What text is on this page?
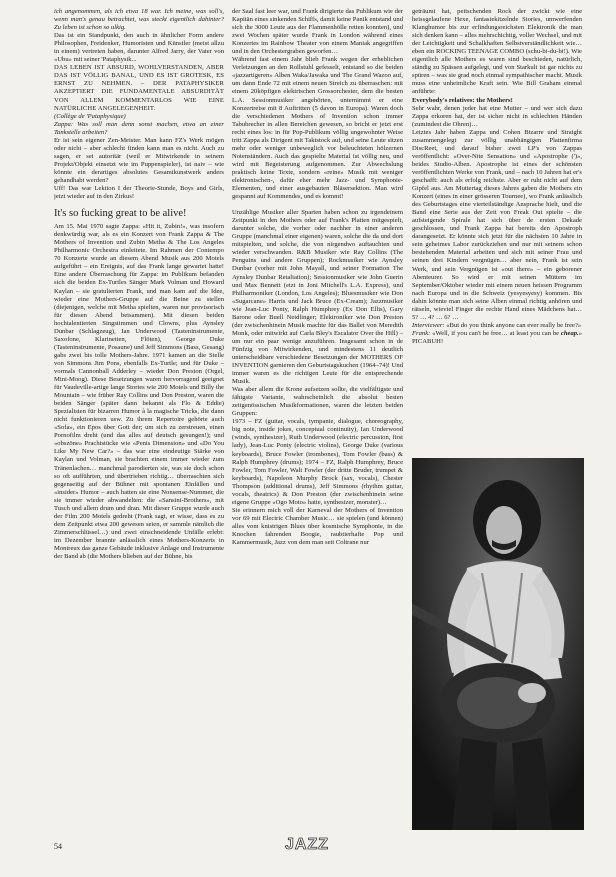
ich angenommen, als ich etwa 18 war. Ich meine, was soll's, wenn man's genau betrachtet, was steckt eigentlich dahinter? Zu leben ist schon so ulkig.

Das ist ein Standpunkt, den auch in ähnlicher Form andere Philosophen, Freidenker, Humoristen und Künstler (meist allzu in einem) vertreten haben, darunter Alfred Jarry, der Vater von «Ubu» mit seiner 'Pataphysik...

DAS LEBEN IST ABSURD, WOHLVERSTANDEN, ABER DAS IST VÖLLIG BANAL, UND ES IST GROTESK, ES ERNST ZU NEHMEN. – DER PATAPHYSIKER AKZEPTIERT DIE FUNDAMENTALE ABSURDITÄT VON ALLEM KOMMENTARLOS WIE EINE NATÜRLICHE ANGELEGENHEIT.

(Collège de 'Pataphysique)

Zappa: Was soll man denn sonst machen, etwa an einer Tankstelle arbeiten?

Er ist sein eigener Zen-Meister. Man kann FZ's Werk mögen oder nicht – aber schlecht finden kann man es nicht. Auch zu sagen, er sei autoritär (weil er Mitwirkende in seinem Projekt/Objekt einsetzt wie im Puppenspieler), ist naiv – wie könnte ein derartiges absolutes Gesamtkunstwerk anders gehandhabt werden?

Uff! Das war Lektion I der Theorie-Stunde, Boys and Girls, jetzt wieder auf in den Zirkus!

It's so fucking great to be alive!

Am 15. Mai 1970 sagte Zappa: «Hit it, Zubin!», was insofern denkwürdig war, als es ein Konzert von Frank Zappa & The Mothers of Invention und Zubin Metha & The Los Angeles Philharmonic Orchestra einleitete. Im Rahmen der Contempo 70 Konzerte wurde an diesem Abend Musik aus 200 Motels aufgeführt – ein Ereignis, auf das Frank lange gewartet hatte! Eine andere Überraschung für Zappa: im Publikum befanden sich die beiden Ex-Turtles Sänger Mark Volman und Howard Kaylan – sie gratulierten Frank, und man kam auf die Idee, wieder eine Mothers-Gruppe auf die Beine zu stellen (diejenigen, welche mit Metha spielten, waren nur provisorisch für diesen Abend beisammen). Mit diesen beiden hochtalentierten Singstimmen und Clowns, plus Aynsley Dunbar (Schlagzeug), Ian Underwood (Tasteninstrumente, Saxofone, Klarinetten, Flöten), George Duke (Tasteninstrumente, Posaune) und Jeff Simmons (Bass, Gesang) gabs zwei bis tolle Mothers-Jahre. 1971 kamen an die Stelle von Simmons Jim Pons, ebenfalls Ex-Turtle; und für Duke – vormals Cannonball Adderley – wieder Don Preston (Orgel, Mini-Moog). Diese Besetzungen waren hervorragend geeignet für Vaudeville-artige lange Stories wie 200 Motels und Billy the Mountain – wie früher Ray Collins und Don Preston, waren die beiden Sänger (später dann bekannt als Flo & Eddie) Spezialisten für bizarren Humor à la magische Tricks, die dann nicht funktionieren usw. Zu ihrem Repertoire gehörte auch «Sofa», ein Epos über Gott der; um sich zu zerstreuen, einen Pornofilm dreht (und das alles auf deutsch gesungen!); und «obszöne» Prachtstücke wie «Penis Dimension» und «Do You Like My New Car?» – das war eine eindeutige Stärke von Kaylan und Volman, sie brachten einem immer wieder zum Tränenlachen… manchmal parodierten sie, was sie doch schon so oft aufführten, und übertrieben richtig… überraschten sich gegenseitig auf der Bühner mit spontanen Einfällen und «insider» Humor – auch hatten sie eine Nonsense-Nummer, die sie immer wieder abwandelten: die «Sansini-Brothers», mit Tusch und allem drum und dran. Mit dieser Gruppe wurde auch der Film 200 Motels gedreht (Frank sagt, er wisse, dass es zu dem Zeitpunkt etwa 200 gewesen seien, er sammle nämlich die Zimmerschlüssel…) und zwei einschneidende Unfälle erlebt: im Dezember brannte anlässlich eines Mothers-Konzerts in Montreux das ganze Gebäude inklusive Anlage und Instrumente der Band ab (die Mothers blieben auf der Bühne, bis

der Saal fast leer war, und Frank dirigierte das Publikum wie der Kapitän eines sinkenden Schiffs, damit keine Panik entstand und sich die 3000 Leute aus der Flammenhölle retten konnten), und zwei Wochen später wurde Frank in London während eines Konzertes im Rainbow Theater von einem Maniak angegriffen und in den Orchestergraben geworfen…

Während fast einem Jahr blieb Frank wegen der erheblichen Verletzungen an den Rollstuhl gefesselt, entstand so die beiden «jazzartigeren» Alben Waka/Jawaka und The Grand Wazoo auf, um dann Ende 72 mit einem neuen Streich zu überraschen: mit einem 20köpfigen elektrischen Grossorchester, dem die besten L.A. Sessionmusiker angehörten, unternimmt er eine Konzertreise mit 8 Auftritten (5 davon in Europa). Waren doch die verschiedenen Mothers of Invention schon immer Tabubrecher in allen Bereichen gewesen, so bricht er jetzt erst recht eines los: in für Pop-Publikum völlig ungewohnter Weise tritt Zappa als Dirigent mit Taktstock auf, und seine Leute sitzen mehr oder weniger unbeweglich vor beleuchteten hölzernen Notenständern. Auch das gespielte Material ist völlig neu, und wird mit Begeisterung aufgenommen. Zur Abwechslung praktisch keine Texte, sondern «reine» Musik mit weniger elektronischen-, dafür eher mehr Jazz- und Symphonie-Elementen, und einer ausgebauten Bläsersektion. Man wird gespannt auf Kommendes, und es kommt!

Unzählige Musiker aller Sparten haben schon zu irgendeinem Zeitpunkt in den Mothers oder auf Frank's Platten mitgespielt, darunter solche, die vorher oder nachher in einer anderen Gruppe (manchmal einer eigenen) waren, solche die da und dort mitspielten, und solche, die von nirgendwo auftauchten und wieder verschwanden. R&B Musiker wie Ray Collins (The Penguins und andere Gruppen); Rockmusiker wie Aynsley Dunbar (vorher mit John Mayall, und seiner Formation The Aynsley Dunbar Retaliation); Sessionmusiker wie John Guerin und Max Bennett (etzt in Joni Mitchell's L.A. Express), und Philharmoniker (London, Los Angeles); Bluesmusiker wie Don «Sugarcane» Harris und Jack Bruce (Ex-Cream); Jazzmusiker wie Jean-Luc Ponty, Ralph Humphrey (Ex Don Ellis), Gary Barone oder Buell Neidlinger; Elektroniker wie Don Preston (der zwischenhinein Musik machte für das Ballet von Meredith Monk, oder mitwirkt auf Carla Bley's Escalator Over the Hill) – um nur ein paar wenige anzuführen. Insgesamt schon in de Fünfzig von Mitwirkenden, und mindestens 11 deutlich unterscheidbare verschiedene Besetzungen der MOTHERS OF INVENTION garnieren den Geburtstagskuchen (1964–74)! Und immer waren es die richtigen Leute für die entsprechende Musik.

Was aber allem die Krone aufsetzen sollte, die vielfältigste und fähigste Variante, wahrscheinlich die absolut besten zeitgenössischen Musikformationen, waren die letzten beiden Gruppen:

1973 – FZ (guitar, vocals, tympanie, dialogue, choreography, big note, inside jokes, conceptual continuity), Ian Underwood (winds, synthesizer), Ruth Underwood (electric percussion, first lady), Jean-Luc Ponty (electric violins), George Duke (various keyboards), Bruce Fowler (trombones), Tom Fowler (bass) & Ralph Humphrey (drums); 1974 – FZ, Ralph Humphrey, Bruce Fowler, Tom Fowler, Walt Fowler (der dritte Bruder, trumpet & keyboards), Napoleon Murphy Brock (sax, vocals), Chester Thompson (additional drums), Jeff Simmons (rhythm guitar, vocals, theatrics) & Don Preston (der zwischenhinein seine eigene Gruppe «Ogo Moto» hatte, synthesizer, monster)…

Sie erinnern mich voll der Karneval der Mothers of Invention vor 69 mit Electric Chamber Music… sie spielen (und können) alles vom knistrigen Blues über kosmische Symphonie, in die Knochen fahrenden Boogie, raubtierhafte Pop und Kammermusik, Jazz von dem man seit Coltrane nur

geträumt hat, peitschenden Rock der zwickt wie eine heissgelaufene Hexe, fantasiekitzelnde Stories, umwerfenden Klanghumor bis zur erfindungsreichsten Elektronik die man sich denken kann – alles mehrschichtig, voller Wechsel, und mit der Leichtigkeit und Schalkhaften Selbstverständlichkeit wie… eben ein ROCKING TEENAGE COMBO (schu-bi-du-bi!). Wie eigentlich alle Mothers es waren sind beschieden, natürlich, ständig zu Spässen aufgelegt, und von Starkult ist gar nichts zu spüren – was sie grad noch einmal sympathischer macht. Musik muss eine unheimliche Kraft sein. Wie Bill Graham einmal anführte:

Everybody's relatives: the Mothers!

Sehr wahr, denen jeder hat eine Mutter – und wer sich dazu Zappa erkoren hat, der ist sicher nicht in schlechten Händen (zumindest die Ohren)…

Letztes Jahr haben Zappa und Cohen Bizarre und Straight zusammengelegt zur völlig unabhängigen Plattenfirma DiscReet, und darauf bisher zwei LP's von Zappas veröffentlicht: «Over-Nite Sensation» und «Apostrophe (')», beides Studio-Alben. Apostrophe ist eines der schönsten veröffentlichten Werke von Frank, und – nach 10 Jahren hat er's geschafft: auch als erfolg reichste. Aber er ruht nicht auf dem Gipfel aus. Am Muttertag dieses Jahres gaben die Mothers ein Konzert (eines in einer grösseren Tournee), wo Frank anlässlich des Geburtstages eine vierteilständige Ansprache hielt, und die Band eine Serie aus der Zeit von Freak Out spielte – die aufsteigende Spirale hat sich über de ersten Dekade geschlossen, und Frank Zappa hat bereits den Apostroph darangesetzt. Er könnte sich jetzt für die nächsten 10 Jahre in sein geheimes Labor zurückziehen und nur mit seinem schon bestehenden Material arbeiten und sich mit seiner Frau und seinen drei Kindern vergnügen… aber nein, Frank ist sein Werk, und sein Vergnügen ist «out there» – ein geborener Abenteurer. So wird er mit seinen Müttern im September/Oktober wieder mit einem neuen heissen Programm nach Europa und in die Schweiz (yesyesyesy) kommen. Bis dahin könnte man sich seine Alben einmal richtig anhören und rätseln, wieviel Finger die rechte Hand eines Mädchens hat… 5? … 4? … 6? …

Interviewer: «But do you think anyone can ever really be free?»

Frank: «Well, if you can't be free… at least you can be cheap.» PICABUH!

54	JAZZ
